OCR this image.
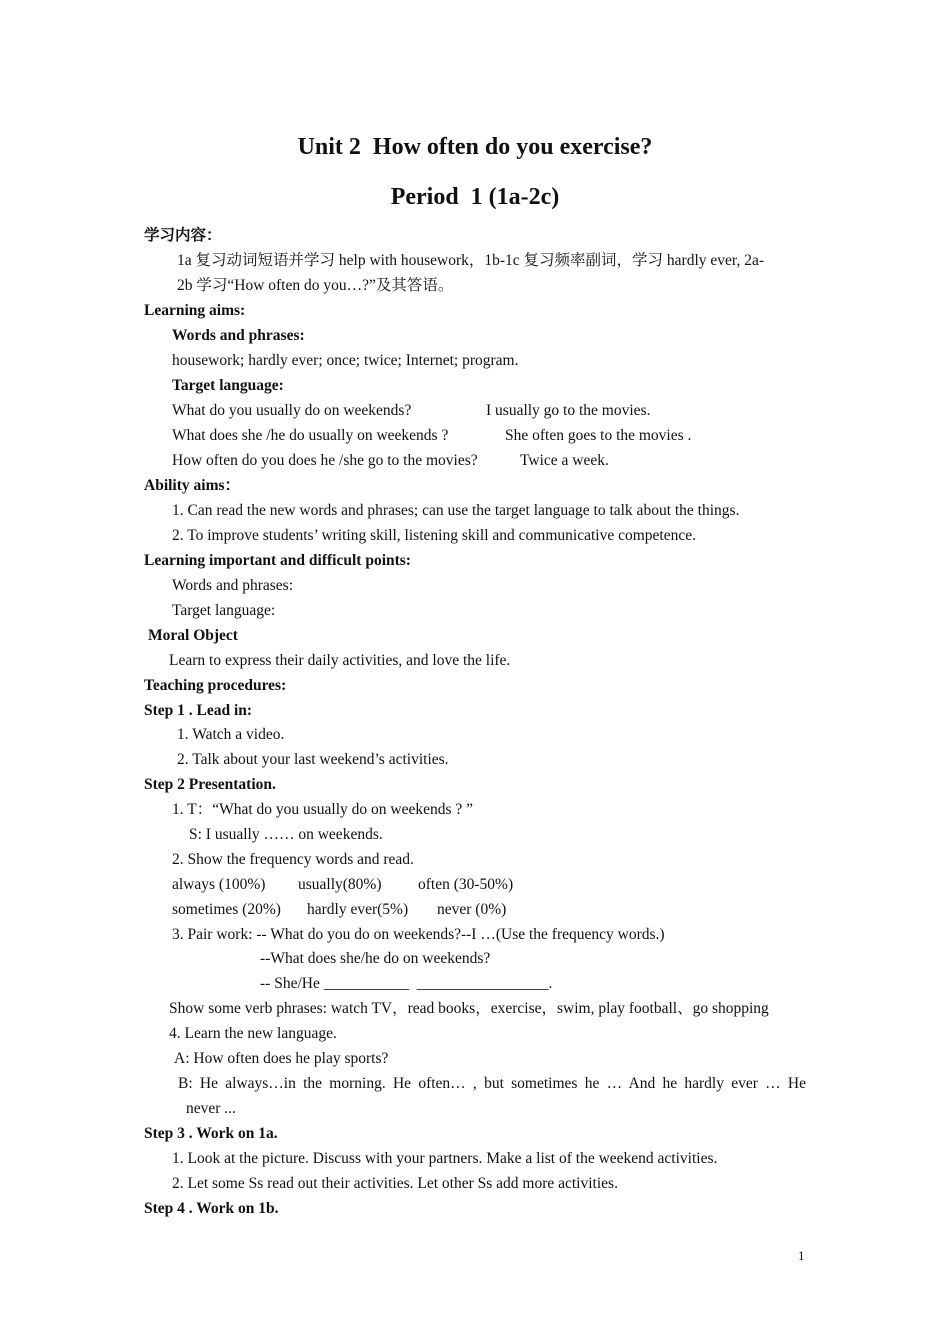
Unit 2  How often do you exercise?
Period  1 (1a-2c)
学习内容：
1a 复习动词短语并学习 help with housework，1b-1c 复习频率副词，学习 hardly ever, 2a-
2b 学习“How often do you…?”及其答语。
Learning aims:
Words and phrases:
housework; hardly ever; once; twice; Internet; program.
Target language:
What do you usually do on weekends?	I usually go to the movies.
What does she /he do usually on weekends ?	She often goes to the movies .
How often do you does he /she go to the movies?	Twice a week.
Ability aims：
1. Can read the new words and phrases; can use the target language to talk about the things.
2. To improve students’ writing skill, listening skill and communicative competence.
Learning important and difficult points:
Words and phrases:
Target language:
Moral Object
Learn to express their daily activities, and love the life.
Teaching procedures:
Step 1 . Lead in:
1. Watch a video.
2. Talk about your last weekend’s activities.
Step 2 Presentation.
1. T：“What do you usually do on weekends ? ”
S: I usually …… on weekends.
2. Show the frequency words and read.
always (100%) usually(80%) often (30-50%)
sometimes (20%) hardly ever(5%) never (0%)
3. Pair work: -- What do you do on weekends?--I …(Use the frequency words.)
--What does she/he do on weekends?
-- She/He ___________  _________________.
Show some verb phrases: watch TV，read books，exercise，swim, play football、go shopping
4. Learn the new language.
A: How often does he play sports?
B: He always…in the morning. He often… , but sometimes he … And he hardly ever … He
never ...
Step 3 . Work on 1a.
1. Look at the picture. Discuss with your partners. Make a list of the weekend activities.
2. Let some Ss read out their activities. Let other Ss add more activities.
Step 4 . Work on 1b.
1
